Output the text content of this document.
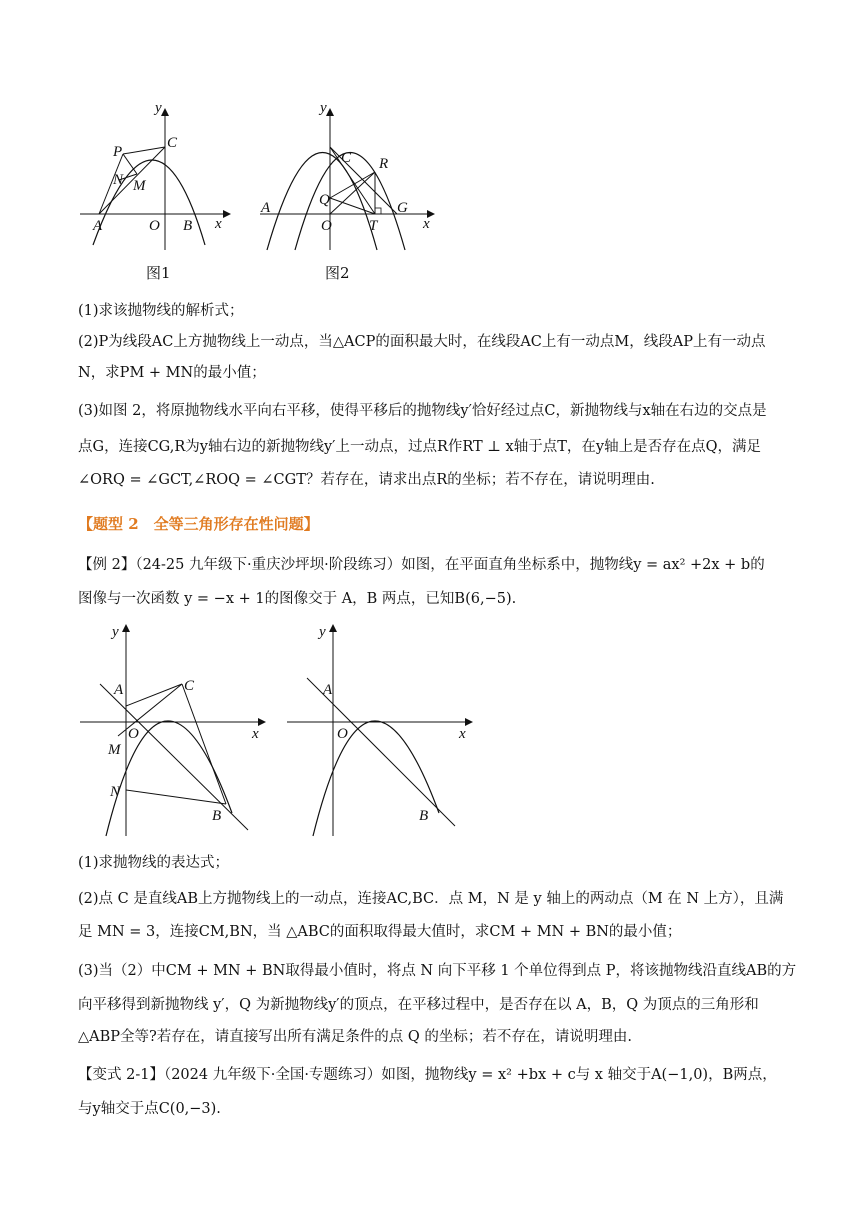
y
C
P
N M
A	O B x
图1
y
C R
Q
A
O T
G
x
图2
(1)求该抛物线的解析式；
(2)P为线段AC上方抛物线上一动点，当△ACP的面积最大时，在线段AC上有一动点M，线段AP上有一动点
N，求PM + MN的最小值；
(3)如图 2，将原抛物线水平向右平移，使得平移后的抛物线y′恰好经过点C，新抛物线与x轴在右边的交点是
点G，连接CG,R为y轴右边的新抛物线y′上一动点，过点R作RT ⊥ x轴于点T，在y轴上是否存在点Q，满足
∠ORQ = ∠GCT,∠ROQ = ∠CGT？若存在，请求出点R的坐标；若不存在，请说明理由.
【题型 2　全等三角形存在性问题】
【例 2】（24-25 九年级下·重庆沙坪坝·阶段练习）如图，在平面直角坐标系中，抛物线y = ax² +2x + b的
图像与一次函数 y = −x + 1的图像交于 A，B 两点，已知B(6,−5).
y
A	C
O
M
N
B
x
y
A
O
B
x
(1)求抛物线的表达式；
(2)点 C 是直线AB上方抛物线上的一动点，连接AC,BC．点 M，N 是 y 轴上的两动点（M 在 N 上方），且满
足 MN = 3，连接CM,BN，当 △ABC的面积取得最大值时，求CM + MN + BN的最小值；
(3)当（2）中CM + MN + BN取得最小值时，将点 N 向下平移 1 个单位得到点 P，将该抛物线沿直线AB的方
向平移得到新抛物线 y′，Q 为新抛物线y′的顶点，在平移过程中，是否存在以 A，B，Q 为顶点的三角形和
△ABP全等?若存在，请直接写出所有满足条件的点 Q 的坐标；若不存在，请说明理由.
【变式 2-1】（2024 九年级下·全国·专题练习）如图，抛物线y = x² +bx + c与 x 轴交于A(−1,0)，B两点，
与y轴交于点C(0,−3).
